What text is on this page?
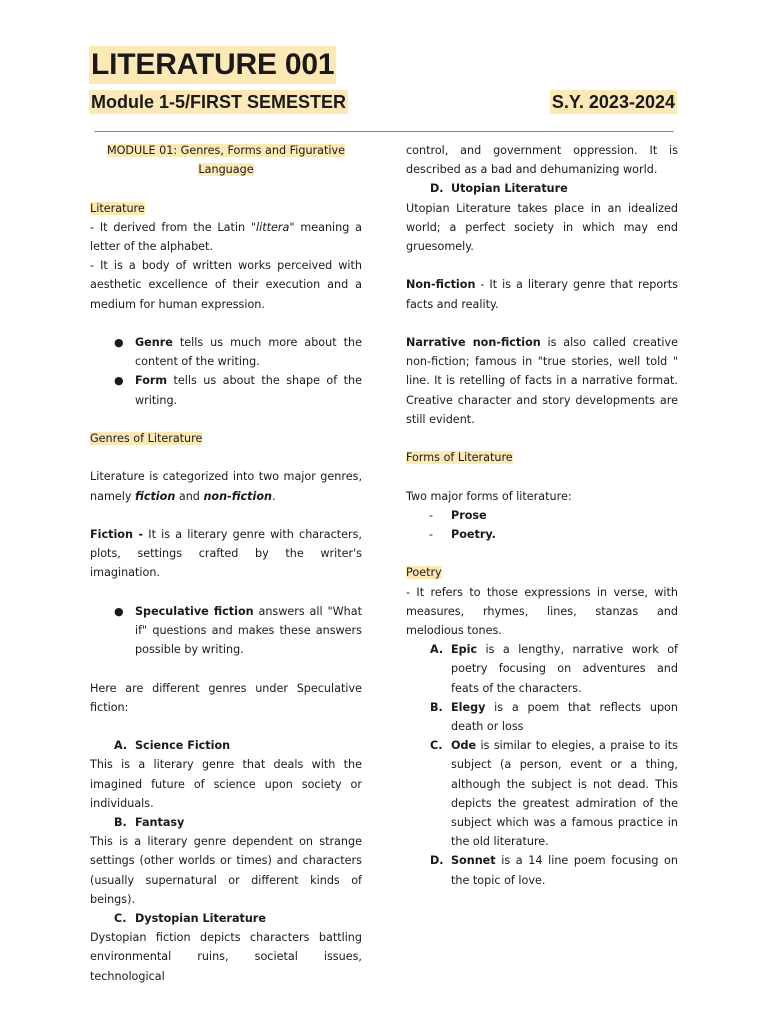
LITERATURE 001
Module 1-5/FIRST SEMESTER	S.Y. 2023-2024

MODULE 01: Genres, Forms and Figurative
Language

Literature

- It derived from the Latin "littera" meaning a letter of the alphabet.

- It is a body of written works perceived with aesthetic excellence of their execution and a medium for human expression.

● Genre tells us much more about the content of the writing.

● Form tells us about the shape of the writing.

Genres of Literature

Literature is categorized into two major genres, namely fiction and non-fiction.

Fiction - It is a literary genre with characters, plots, settings crafted by the writer's imagination.

● Speculative fiction answers all "What if" questions and makes these answers possible by writing.

Here are different genres under Speculative fiction:

A. Science Fiction

This is a literary genre that deals with the imagined future of science upon society or individuals.

B. Fantasy

This is a literary genre dependent on strange settings (other worlds or times) and characters (usually supernatural or different kinds of beings).

C. Dystopian Literature

Dystopian fiction depicts characters battling environmental ruins, societal issues, technological

control, and government oppression. It is described as a bad and dehumanizing world.

D. Utopian Literature

Utopian Literature takes place in an idealized world; a perfect society in which may end gruesomely.

Non-fiction - It is a literary genre that reports facts and reality.

Narrative non-fiction is also called creative non-fiction; famous in "true stories, well told " line. It is retelling of facts in a narrative format. Creative character and story developments are still evident.

Forms of Literature

Two major forms of literature:

- Prose

- Poetry.

Poetry

- It refers to those expressions in verse, with measures, rhymes, lines, stanzas and melodious tones.

A. Epic is a lengthy, narrative work of poetry focusing on adventures and feats of the characters.

B. Elegy is a poem that reflects upon death or loss

C. Ode is similar to elegies, a praise to its subject (a person, event or a thing, although the subject is not dead. This depicts the greatest admiration of the subject which was a famous practice in the old literature.

D. Sonnet is a 14 line poem focusing on the topic of love.
